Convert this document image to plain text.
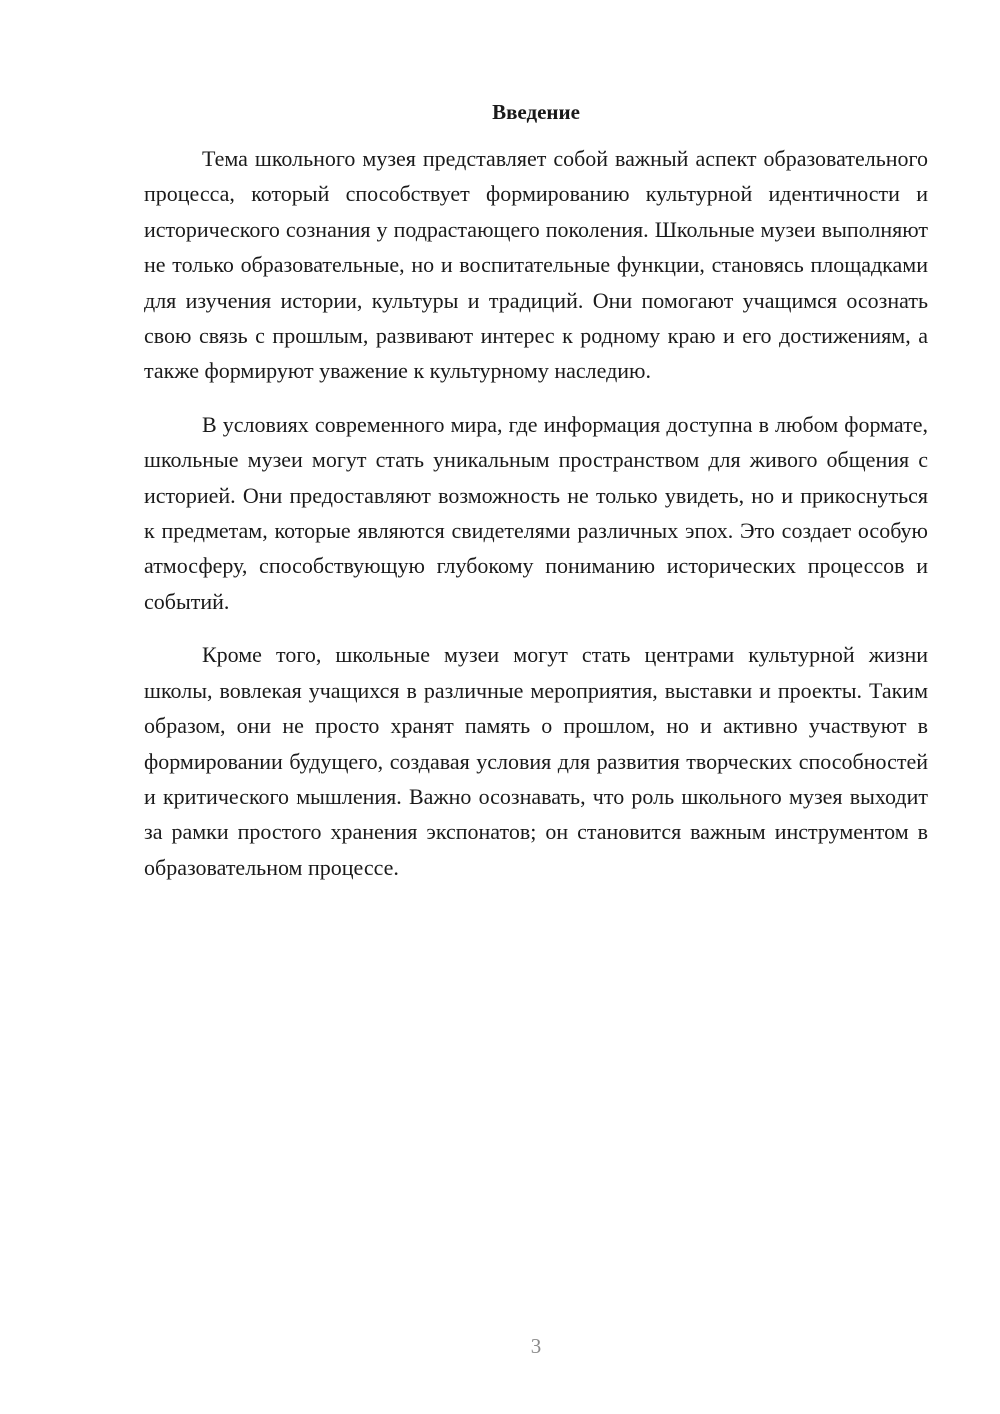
Введение

Тема школьного музея представляет собой важный аспект образовательного процесса, который способствует формированию культурной идентичности и исторического сознания у подрастающего поколения. Школьные музеи выполняют не только образовательные, но и воспитательные функции, становясь площадками для изучения истории, культуры и традиций. Они помогают учащимся осознать свою связь с прошлым, развивают интерес к родному краю и его достижениям, а также формируют уважение к культурному наследию.

В условиях современного мира, где информация доступна в любом формате, школьные музеи могут стать уникальным пространством для живого общения с историей. Они предоставляют возможность не только увидеть, но и прикоснуться к предметам, которые являются свидетелями различных эпох. Это создает особую атмосферу, способствующую глубокому пониманию исторических процессов и событий.

Кроме того, школьные музеи могут стать центрами культурной жизни школы, вовлекая учащихся в различные мероприятия, выставки и проекты. Таким образом, они не просто хранят память о прошлом, но и активно участвуют в формировании будущего, создавая условия для развития творческих способностей и критического мышления. Важно осознавать, что роль школьного музея выходит за рамки простого хранения экспонатов; он становится важным инструментом в образовательном процессе.

3
